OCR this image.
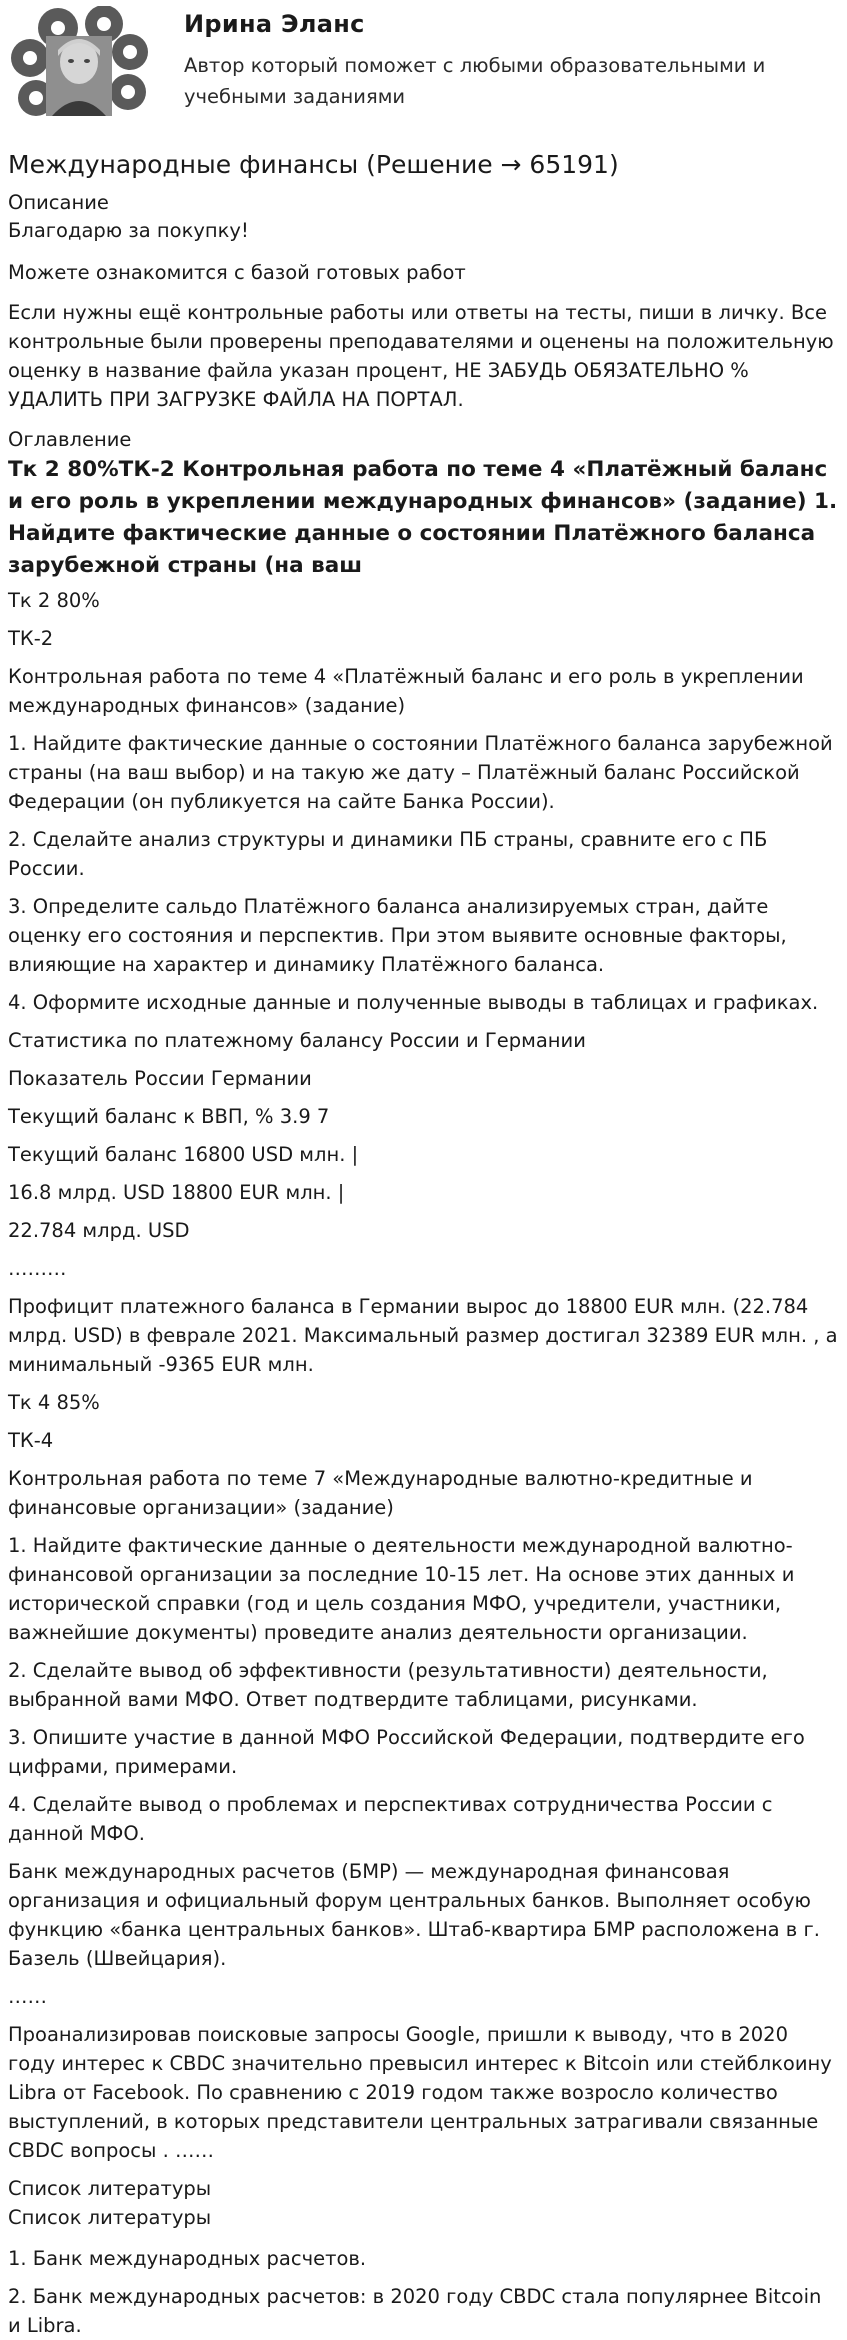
Ирина Эланс
Автор который поможет с любыми образовательными и учебными заданиями
Международные финансы (Решение → 65191)

Описание

Благодарю за покупку!

Можете ознакомится с базой готовых работ

Если нужны ещё контрольные работы или ответы на тесты, пиши в личку. Все контрольные были проверены преподавателями и оценены на положительную оценку в название файла указан процент, НЕ ЗАБУДЬ ОБЯЗАТЕЛЬНО % УДАЛИТЬ ПРИ ЗАГРУЗКЕ ФАЙЛА НА ПОРТАЛ.

Оглавление

Тк 2 80%ТК-2 Контрольная работа по теме 4 «Платёжный баланс и его роль в укреплении международных финансов» (задание) 1. Найдите фактические данные о состоянии Платёжного баланса зарубежной страны (на ваш

Тк 2 80%

ТК-2

Контрольная работа по теме 4 «Платёжный баланс и его роль в укреплении международных финансов» (задание)

1. Найдите фактические данные о состоянии Платёжного баланса зарубежной страны (на ваш выбор) и на такую же дату – Платёжный баланс Российской Федерации (он публикуется на сайте Банка России).

2. Сделайте анализ структуры и динамики ПБ страны, сравните его с ПБ России.

3. Определите сальдо Платёжного баланса анализируемых стран, дайте оценку его состояния и перспектив. При этом выявите основные факторы, влияющие на характер и динамику Платёжного баланса.

4. Оформите исходные данные и полученные выводы в таблицах и графиках.

Статистика по платежному балансу России и Германии

Показатель России Германии

Текущий баланс к ВВП, % 3.9 7

Текущий баланс 16800 USD млн. |

16.8 млрд. USD 18800 EUR млн. |

22.784 млрд. USD

………

Профицит платежного баланса в Германии вырос до 18800 EUR млн. (22.784 млрд. USD) в феврале 2021. Максимальный размер достигал 32389 EUR млн. , а минимальный -9365 EUR млн.

Тк 4 85%

ТК-4

Контрольная работа по теме 7 «Международные валютно-кредитные и финансовые организации» (задание)

1. Найдите фактические данные о деятельности международной валютно-финансовой организации за последние 10-15 лет. На основе этих данных и исторической справки (год и цель создания МФО, учредители, участники, важнейшие документы) проведите анализ деятельности организации.

2. Сделайте вывод об эффективности (результативности) деятельности, выбранной вами МФО. Ответ подтвердите таблицами, рисунками.

3. Опишите участие в данной МФО Российской Федерации, подтвердите его цифрами, примерами.

4. Сделайте вывод о проблемах и перспективах сотрудничества России с данной МФО.

Банк международных расчетов (БМР) — международная финансовая организация и официальный форум центральных банков. Выполняет особую функцию «банка центральных банков». Штаб-квартира БМР расположена в г. Базель (Швейцария).

……

Проанализировав поисковые запросы Google, пришли к выводу, что в 2020 году интерес к CBDC значительно превысил интерес к Bitcoin или стейблкоину Libra от Facebook. По сравнению с 2019 годом также возросло количество выступлений, в которых представители центральных затрагивали связанные CBDC вопросы . ……

Список литературы

Список литературы

1. Банк международных расчетов.

2. Банк международных расчетов: в 2020 году CBDC стала популярнее Bitcoin и Libra.
